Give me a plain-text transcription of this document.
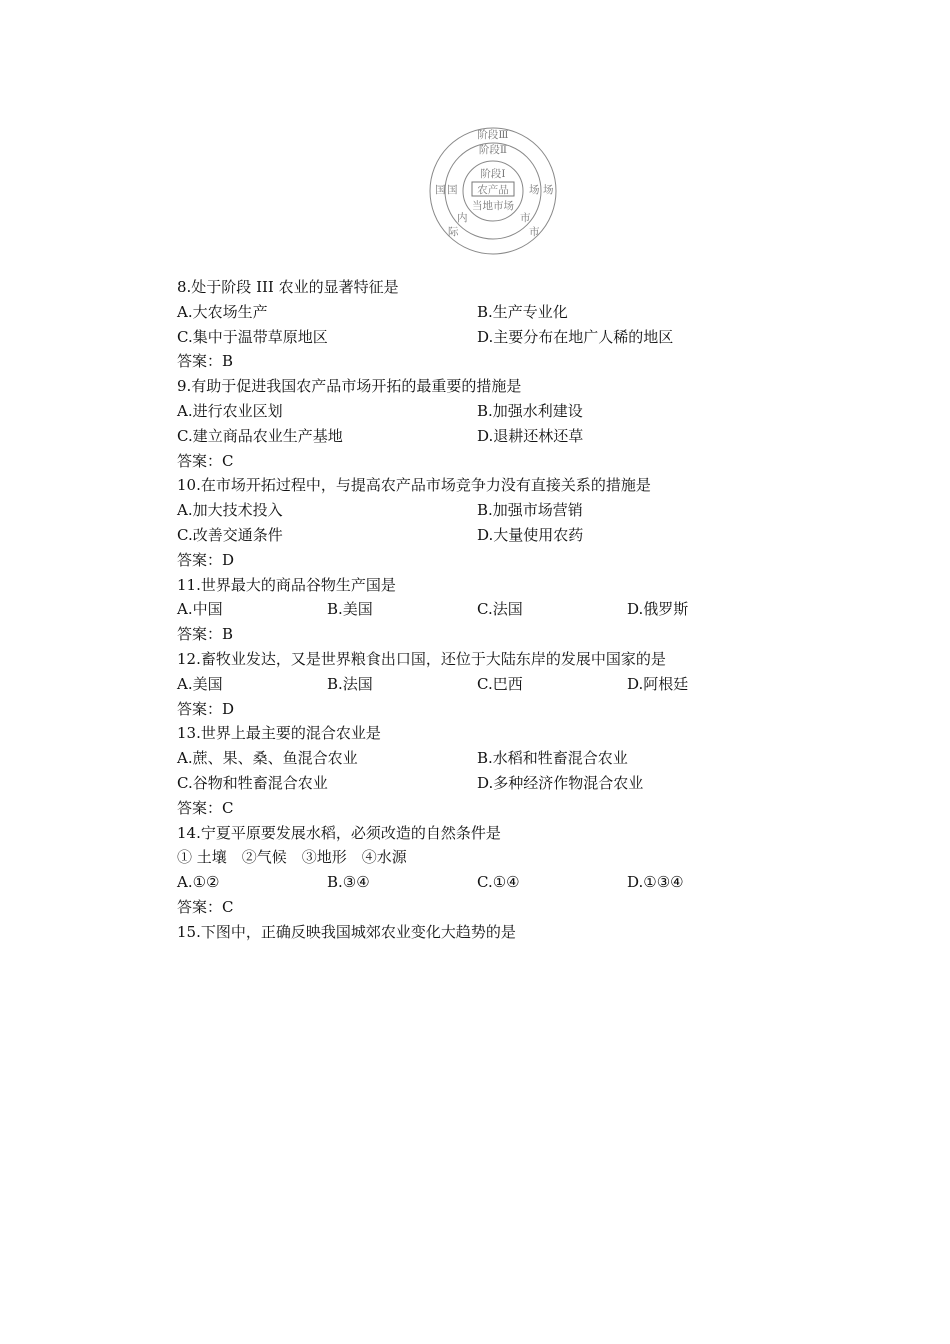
阶段Ⅲ
阶段Ⅱ
阶段Ⅰ
农产品
当地市场
国 国
内
际
场
场
市
市
8.处于阶段 III 农业的显著特征是
A.大农场生产	B.生产专业化
C.集中于温带草原地区	D.主要分布在地广人稀的地区
答案：B
9.有助于促进我国农产品市场开拓的最重要的措施是
A.进行农业区划	B.加强水利建设
C.建立商品农业生产基地	D.退耕还林还草
答案：C
10.在市场开拓过程中，与提高农产品市场竞争力没有直接关系的措施是
A.加大技术投入	B.加强市场营销
C.改善交通条件	D.大量使用农药
答案：D
11.世界最大的商品谷物生产国是
A.中国	B.美国	C.法国	D.俄罗斯
答案：B
12.畜牧业发达，又是世界粮食出口国，还位于大陆东岸的发展中国家的是
A.美国	B.法国	C.巴西	D.阿根廷
答案：D
13.世界上最主要的混合农业是
A.蔗、果、桑、鱼混合农业	B.水稻和牲畜混合农业
C.谷物和牲畜混合农业	D.多种经济作物混合农业
答案：C
14.宁夏平原要发展水稻，必须改造的自然条件是
① 土壤　②气候　③地形　④水源
A.①②	B.③④	C.①④	D.①③④
答案：C
15.下图中，正确反映我国城郊农业变化大趋势的是
